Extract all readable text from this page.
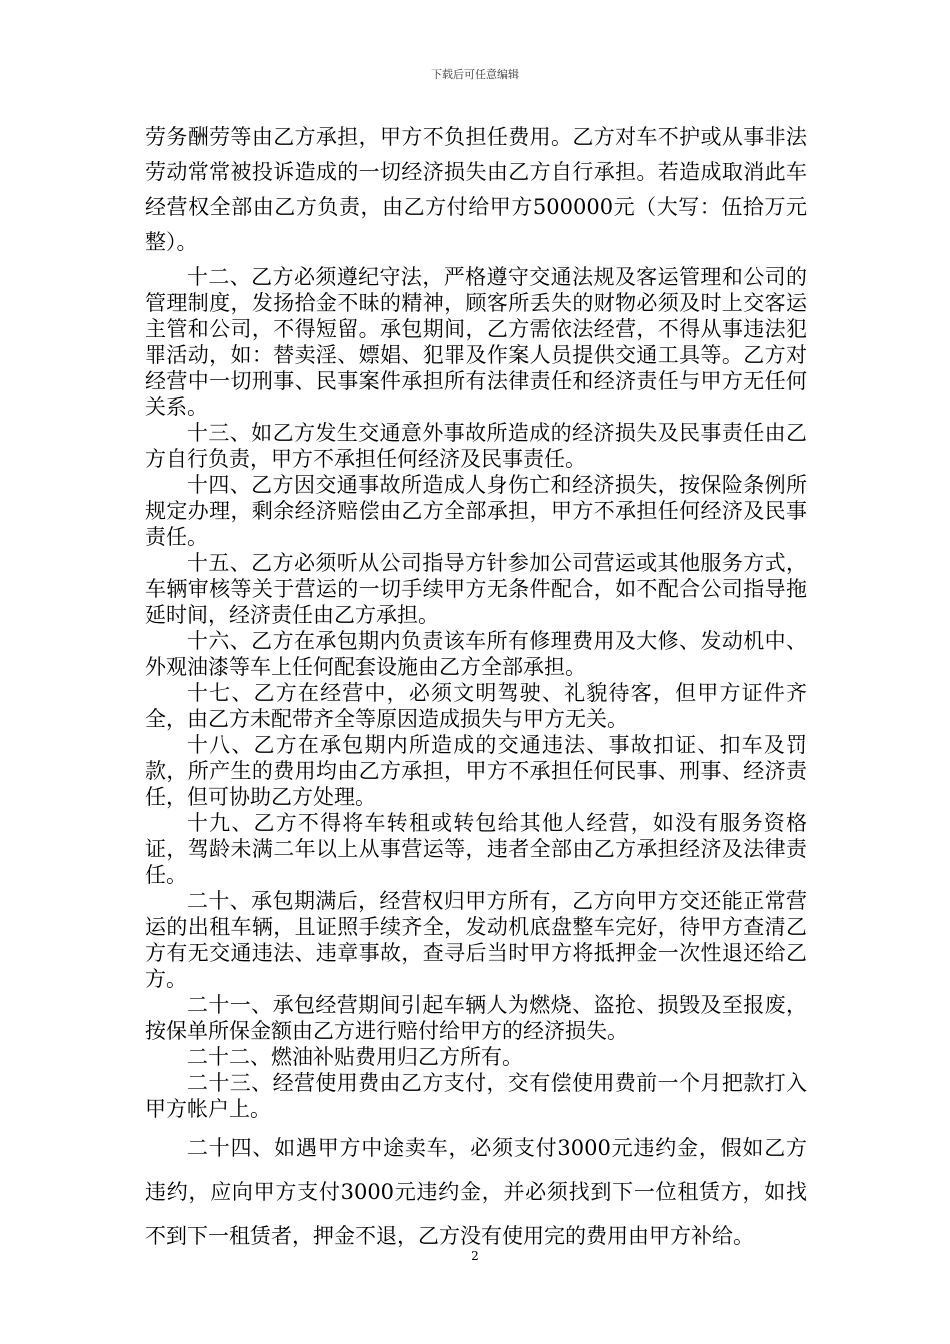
下载后可任意编辑

劳务酬劳等由乙方承担，甲方不负担任费用。乙方对车不护或从事非法劳动常常被投诉造成的一切经济损失由乙方自行承担。若造成取消此车经营权全部由乙方负责，由乙方付给甲方500000元（大写：伍拾万元整）。

十二、乙方必须遵纪守法，严格遵守交通法规及客运管理和公司的管理制度，发扬拾金不昧的精神，顾客所丢失的财物必须及时上交客运主管和公司，不得短留。承包期间，乙方需依法经营，不得从事违法犯罪活动，如：替卖淫、嫖娼、犯罪及作案人员提供交通工具等。乙方对经营中一切刑事、民事案件承担所有法律责任和经济责任与甲方无任何关系。

十三、如乙方发生交通意外事故所造成的经济损失及民事责任由乙方自行负责，甲方不承担任何经济及民事责任。

十四、乙方因交通事故所造成人身伤亡和经济损失，按保险条例所规定办理，剩余经济赔偿由乙方全部承担，甲方不承担任何经济及民事责任。

十五、乙方必须听从公司指导方针参加公司营运或其他服务方式，车辆审核等关于营运的一切手续甲方无条件配合，如不配合公司指导拖延时间，经济责任由乙方承担。

十六、乙方在承包期内负责该车所有修理费用及大修、发动机中、外观油漆等车上任何配套设施由乙方全部承担。

十七、乙方在经营中，必须文明驾驶、礼貌待客，但甲方证件齐全，由乙方未配带齐全等原因造成损失与甲方无关。

十八、乙方在承包期内所造成的交通违法、事故扣证、扣车及罚款，所产生的费用均由乙方承担，甲方不承担任何民事、刑事、经济责任，但可协助乙方处理。

十九、乙方不得将车转租或转包给其他人经营，如没有服务资格证，驾龄未满二年以上从事营运等，违者全部由乙方承担经济及法律责任。

二十、承包期满后，经营权归甲方所有，乙方向甲方交还能正常营运的出租车辆，且证照手续齐全，发动机底盘整车完好，待甲方查清乙方有无交通违法、违章事故，查寻后当时甲方将抵押金一次性退还给乙方。

二十一、承包经营期间引起车辆人为燃烧、盗抢、损毁及至报废，按保单所保金额由乙方进行赔付给甲方的经济损失。

二十二、燃油补贴费用归乙方所有。

二十三、经营使用费由乙方支付，交有偿使用费前一个月把款打入甲方帐户上。

二十四、如遇甲方中途卖车，必须支付3000元违约金，假如乙方违约，应向甲方支付3000元违约金，并必须找到下一位租赁方，如找不到下一租赁者，押金不退，乙方没有使用完的费用由甲方补给。

2
